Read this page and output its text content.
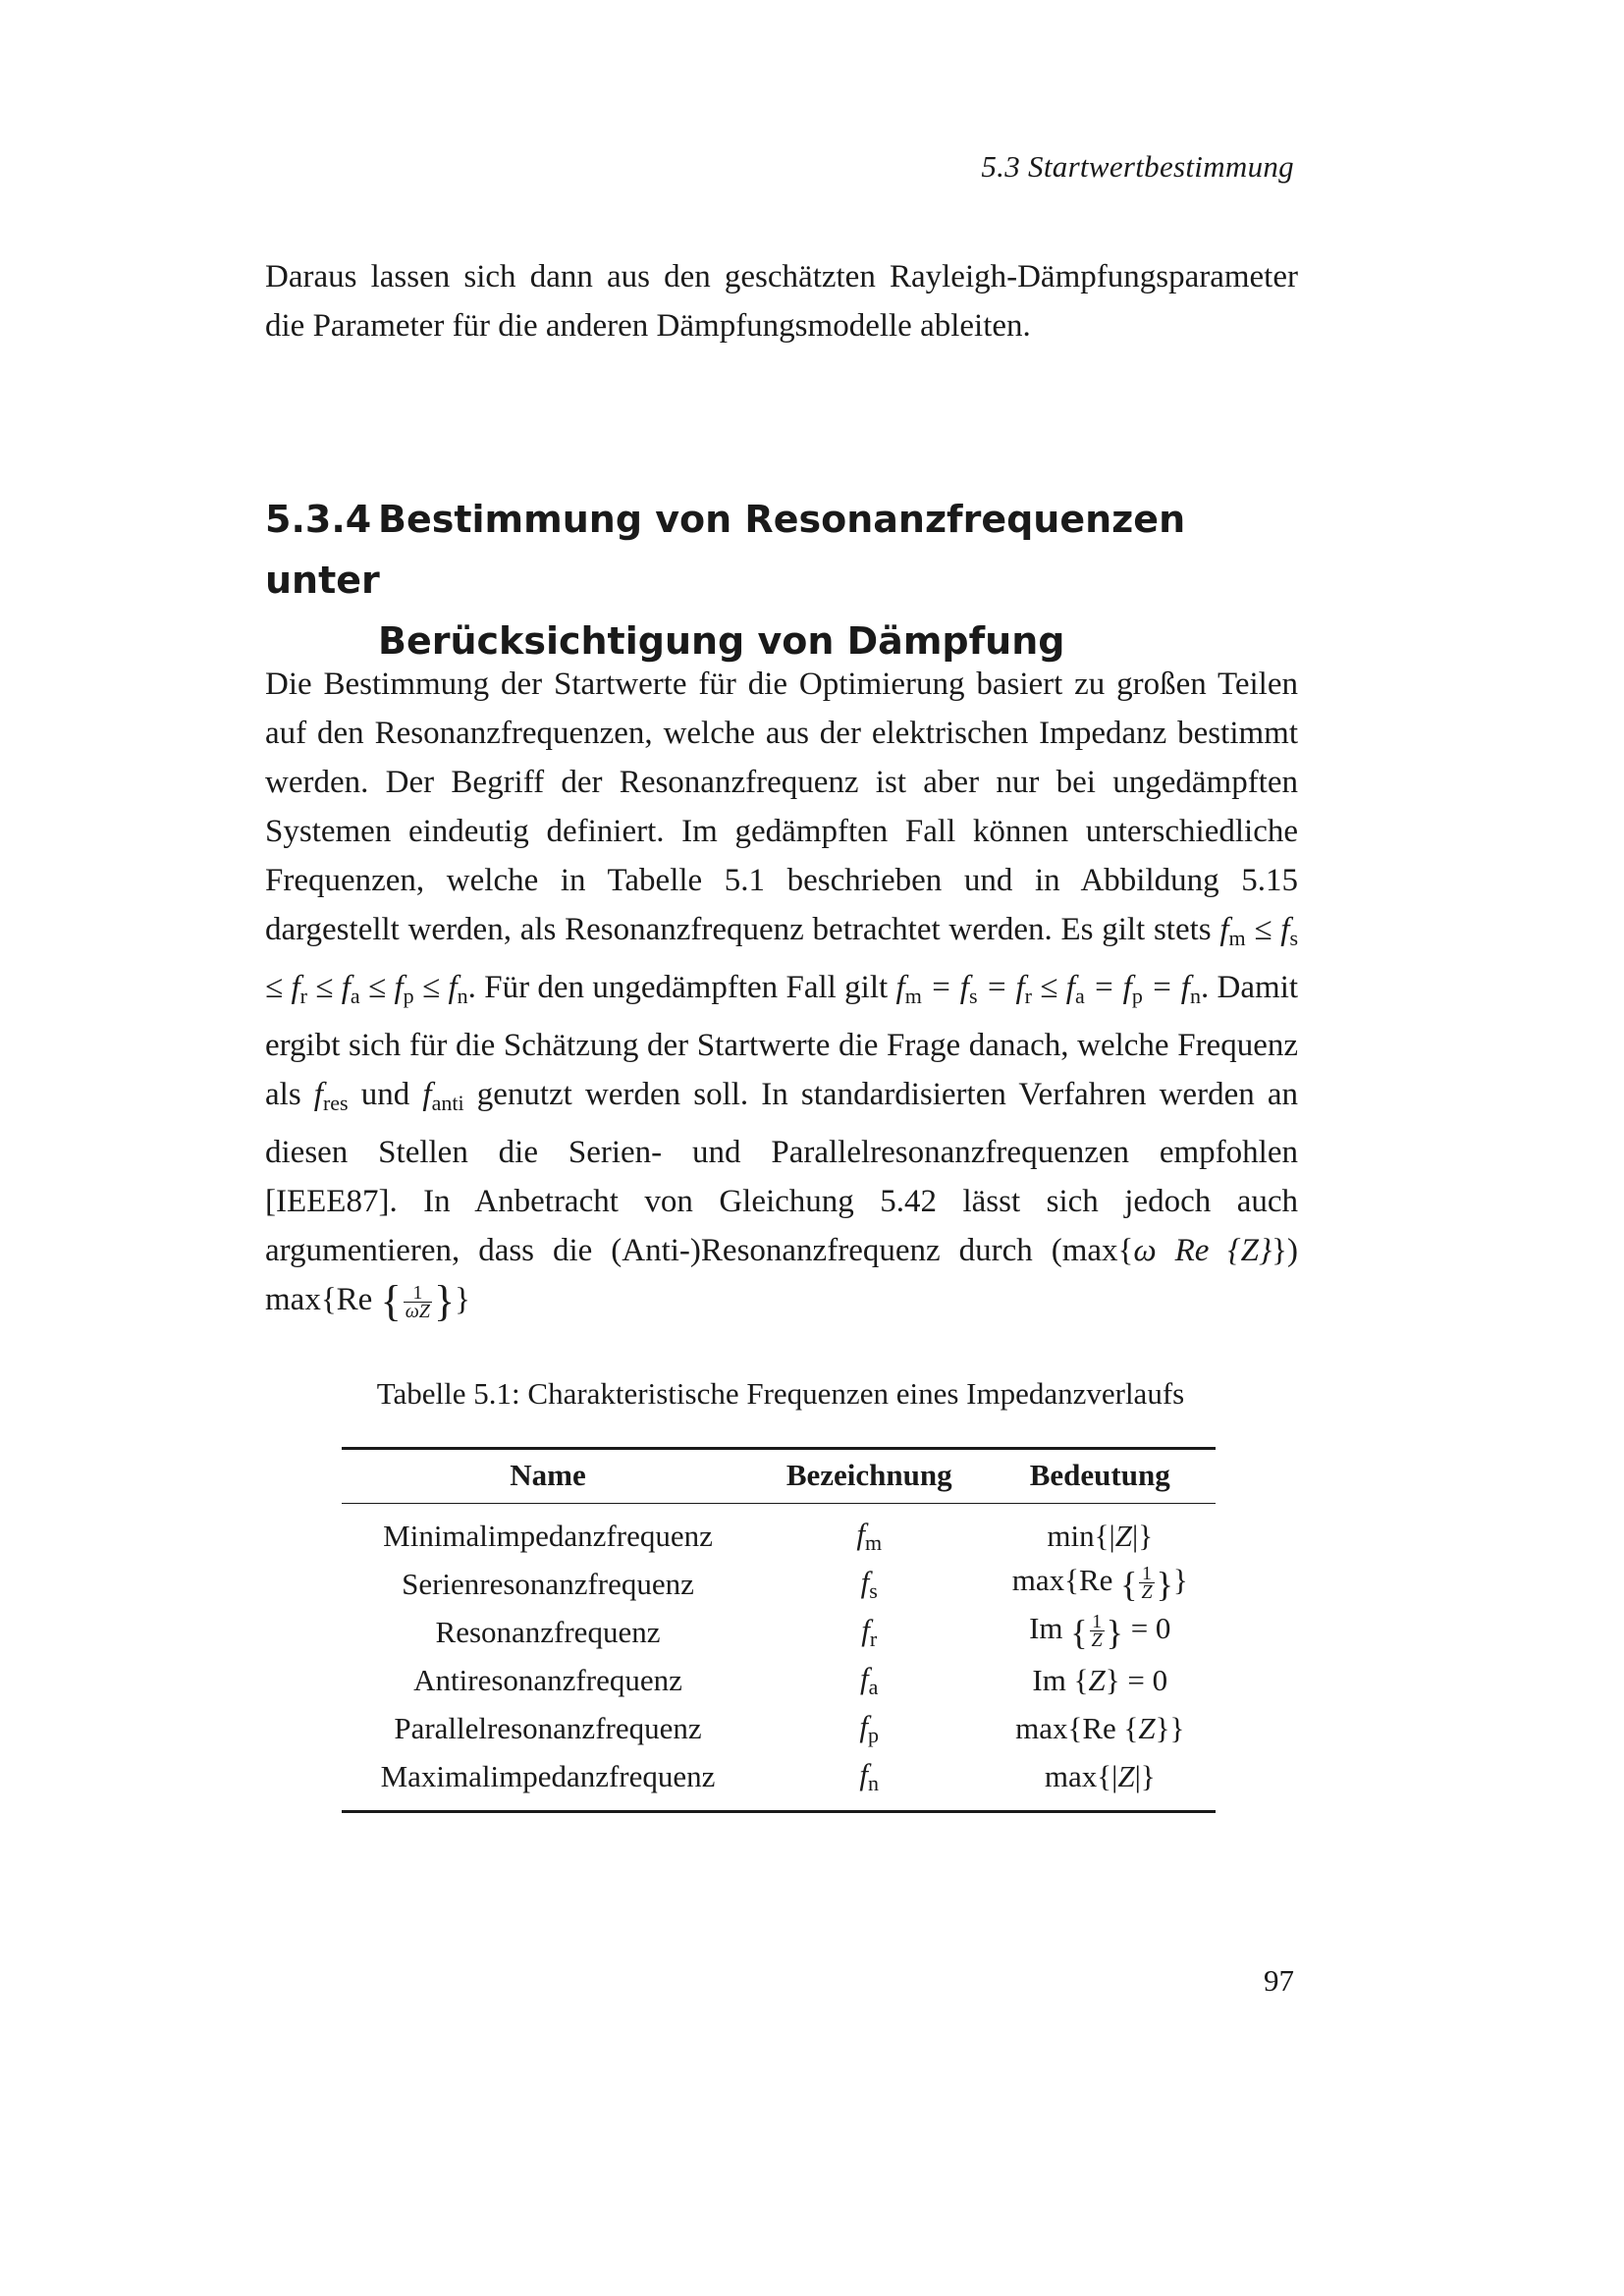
5.3 Startwertbestimmung

Daraus lassen sich dann aus den geschätzten Rayleigh-Dämpfungsparameter die Parameter für die anderen Dämpfungsmodelle ableiten.

5.3.4 Bestimmung von Resonanzfrequenzen unter
Berücksichtigung von Dämpfung

Die Bestimmung der Startwerte für die Optimierung basiert zu großen Teilen auf den Resonanzfrequenzen, welche aus der elektrischen Impedanz bestimmt werden. Der Begriff der Resonanzfrequenz ist aber nur bei ungedämpften Systemen eindeutig definiert. Im gedämpften Fall können unterschiedliche Frequenzen, welche in Tabelle 5.1 beschrieben und in Abbildung 5.15 dargestellt werden, als Resonanzfrequenz betrachtet werden. Es gilt stets $f_m \le f_s \le f_r \le f_a \le f_p \le f_n$. Für den ungedämpften Fall gilt $f_m = f_s = f_r \le f_a = f_p = f_n$. Damit ergibt sich für die Schätzung der Startwerte die Frage danach, welche Frequenz als $f_{res}$ und $f_{anti}$ genutzt werden soll. In standardisierten Verfahren werden an diesen Stellen die Serien- und Parallelresonanzfrequenzen empfohlen [IEEE87]. In Anbetracht von Gleichung 5.42 lässt sich jedoch auch argumentieren, dass die (Anti-)Resonanzfrequenz durch (max{ω Re {Z}}) max{Re { $\frac{1}{\omega Z}$ }}

Tabelle 5.1: Charakteristische Frequenzen eines Impedanzverlaufs
Name	Bezeichnung	Bedeutung
Minimalimpedanzfrequenz	$f_m$	min{|Z|}
Serienresonanzfrequenz	$f_s$	max{Re { $\frac{1}{Z}$ }}
Resonanzfrequenz	$f_r$	Im { $\frac{1}{Z}$ } = 0
Antiresonanzfrequenz	$f_a$	Im {Z} = 0
Parallelresonanzfrequenz	$f_p$	max{Re {Z}}
Maximalimpedanzfrequenz	$f_n$	max{|Z|}
97
